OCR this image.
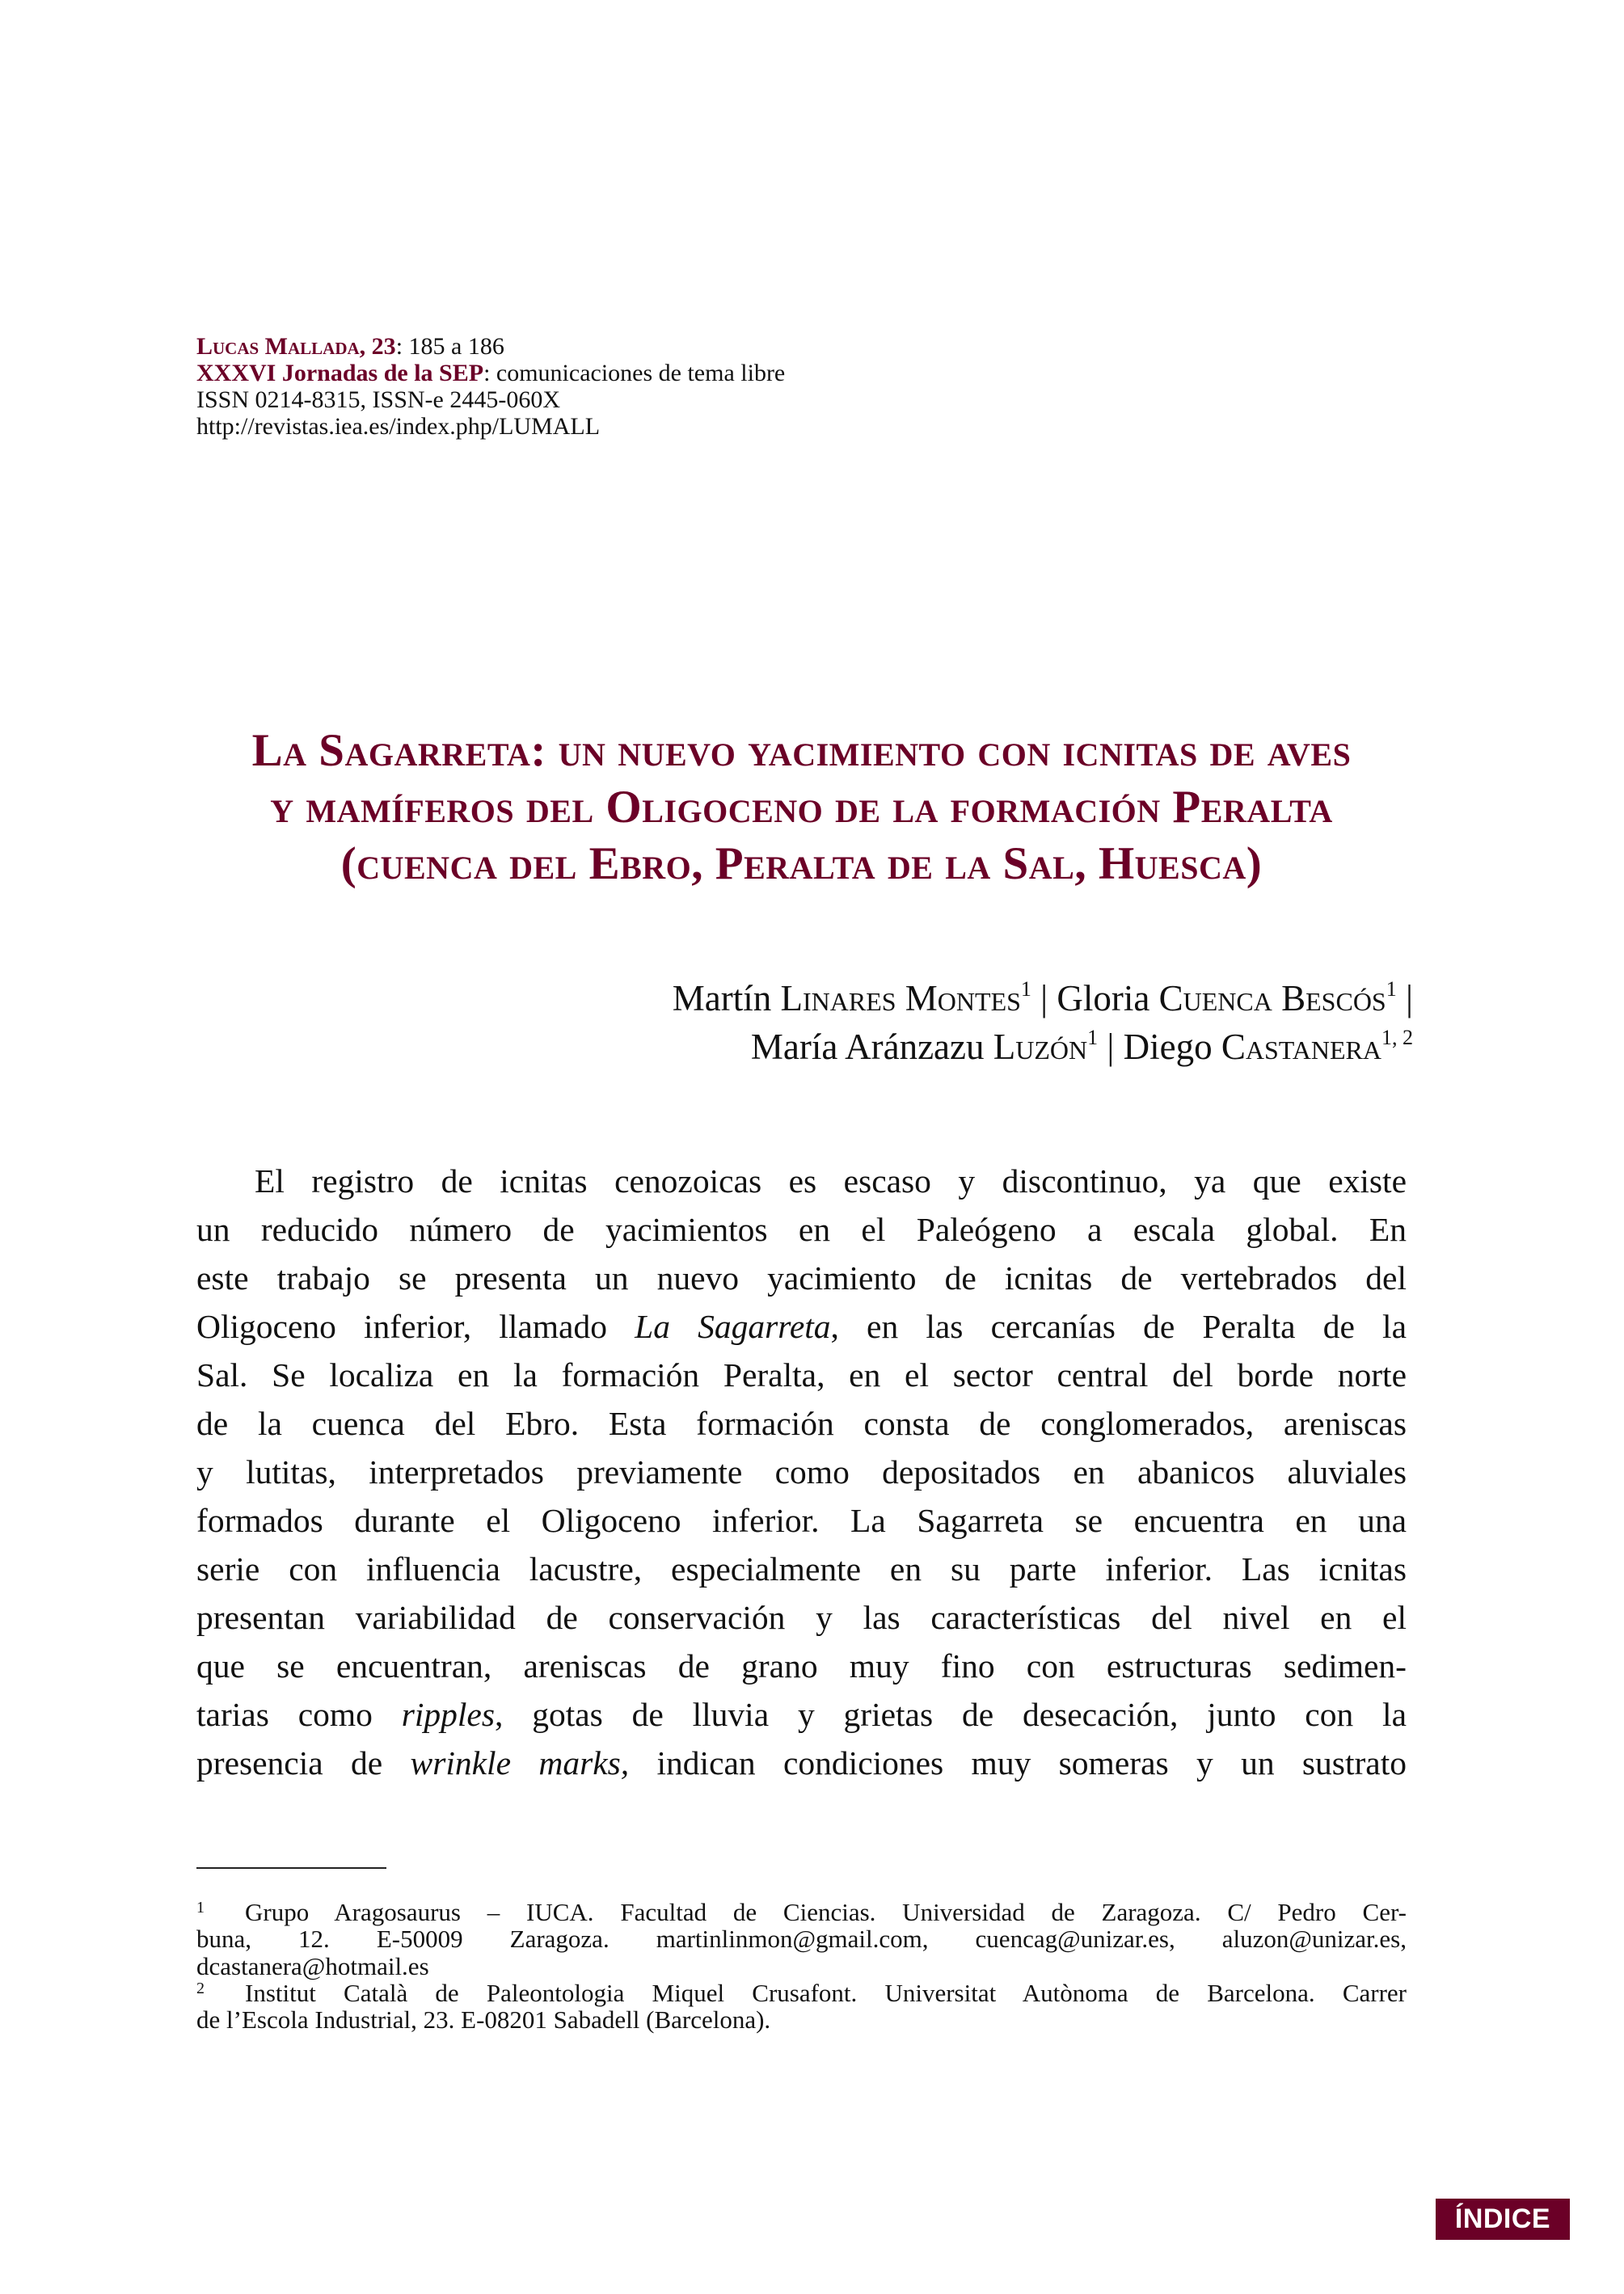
Lucas Mallada, 23: 185 a 186
XXXVI Jornadas de la SEP: comunicaciones de tema libre
ISSN 0214-8315, ISSN-e 2445-060X
http://revistas.iea.es/index.php/LUMALL
La Sagarreta: un nuevo yacimiento con icnitas de aves
y mamíferos del Oligoceno de la formación Peralta
(cuenca del Ebro, Peralta de la Sal, Huesca)
Martín Linares Montes$^1$ | Gloria Cuenca Bescós$^1$ |
María Aránzazu Luzón$^1$ | Diego Castanera$^{1, 2}$
El registro de icnitas cenozoicas es escaso y discontinuo, ya que existe
un reducido número de yacimientos en el Paleógeno a escala global. En
este trabajo se presenta un nuevo yacimiento de icnitas de vertebrados del
Oligoceno inferior, llamado La Sagarreta, en las cercanías de Peralta de la
Sal. Se localiza en la formación Peralta, en el sector central del borde norte
de la cuenca del Ebro. Esta formación consta de conglomerados, areniscas
y lutitas, interpretados previamente como depositados en abanicos aluviales
formados durante el Oligoceno inferior. La Sagarreta se encuentra en una
serie con influencia lacustre, especialmente en su parte inferior. Las icnitas
presentan variabilidad de conservación y las características del nivel en el
que se encuentran, areniscas de grano muy fino con estructuras sedimen-
tarias como ripples, gotas de lluvia y grietas de desecación, junto con la
presencia de wrinkle marks, indican condiciones muy someras y un sustrato
1 Grupo Aragosaurus – IUCA. Facultad de Ciencias. Universidad de Zaragoza. C/ Pedro Cer-
buna, 12. E-50009 Zaragoza. martinlinmon@gmail.com, cuencag@unizar.es, aluzon@unizar.es,
dcastanera@hotmail.es
2 Institut Català de Paleontologia Miquel Crusafont. Universitat Autònoma de Barcelona. Carrer
de l’Escola Industrial, 23. E-08201 Sabadell (Barcelona).
ÍNDICE
